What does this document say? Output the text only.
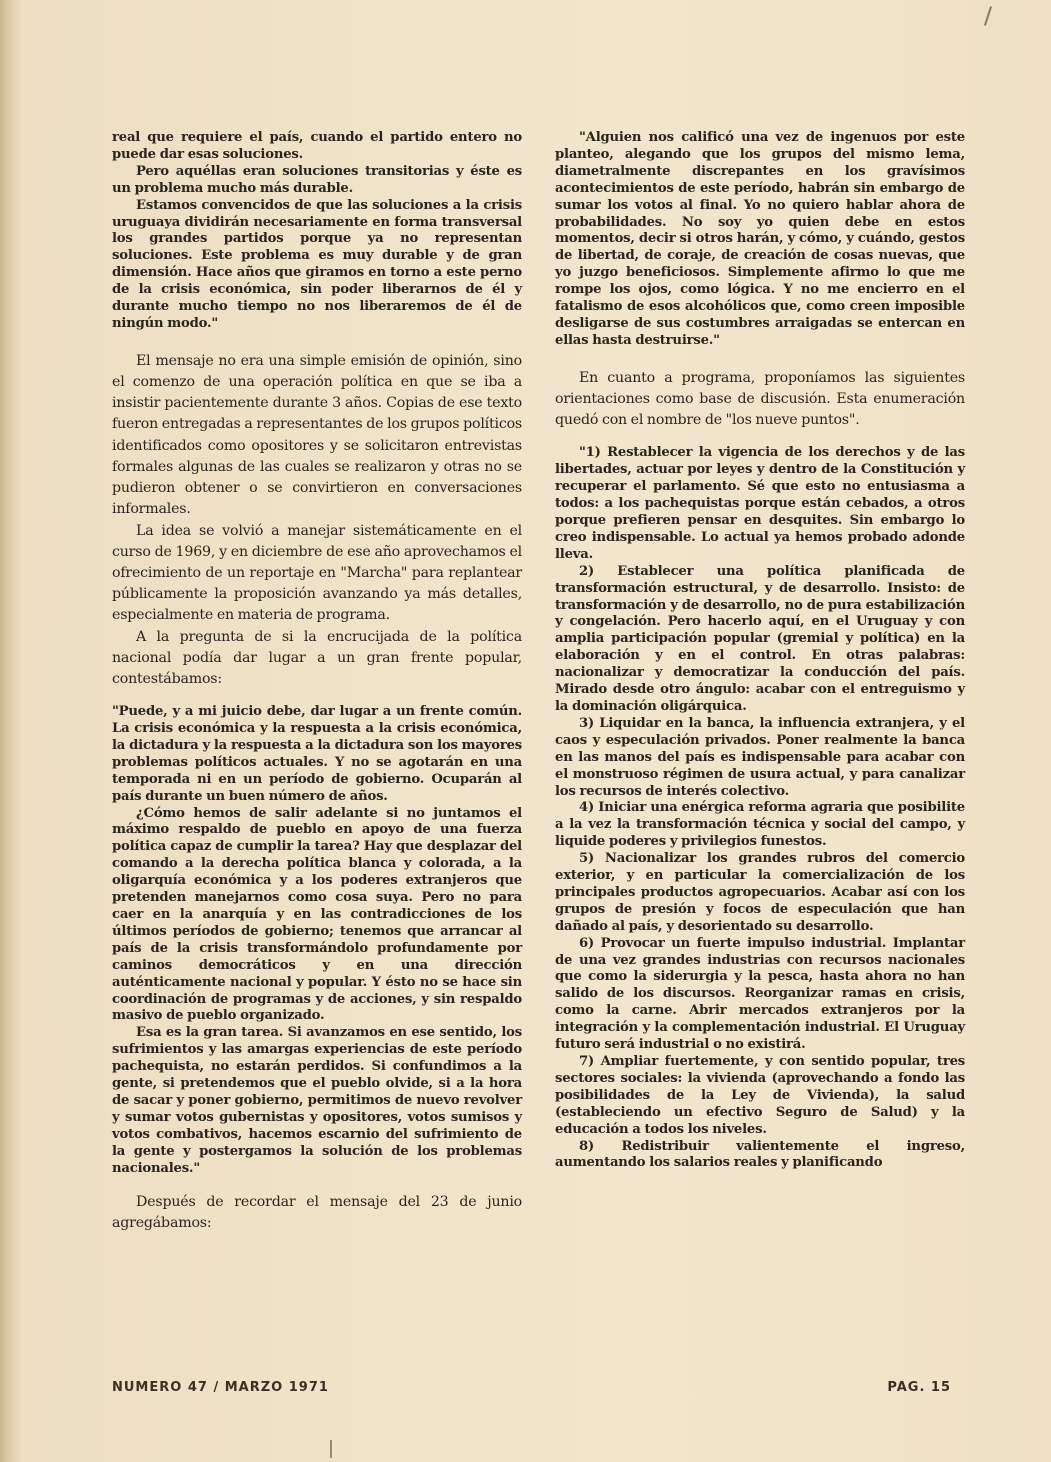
real que requiere el país, cuando el partido entero no puede dar esas soluciones.

Pero aquéllas eran soluciones transitorias y éste es un problema mucho más durable.

Estamos convencidos de que las soluciones a la crisis uruguaya dividirán necesariamente en forma transversal los grandes partidos porque ya no representan soluciones. Este problema es muy durable y de gran dimensión. Hace años que giramos en torno a este perno de la crisis económica, sin poder liberarnos de él y durante mucho tiempo no nos liberaremos de él de ningún modo."

El mensaje no era una simple emisión de opinión, sino el comenzo de una operación política en que se iba a insistir pacientemente durante 3 años. Copias de ese texto fueron entregadas a representantes de los grupos políticos identificados como opositores y se solicitaron entrevistas formales algunas de las cuales se realizaron y otras no se pudieron obtener o se convirtieron en conversaciones informales.

La idea se volvió a manejar sistemáticamente en el curso de 1969, y en diciembre de ese año aprovechamos el ofrecimiento de un reportaje en "Marcha" para replantear públicamente la proposición avanzando ya más detalles, especialmente en materia de programa.

A la pregunta de si la encrucijada de la política nacional podía dar lugar a un gran frente popular, contestábamos:

"Puede, y a mi juicio debe, dar lugar a un frente común. La crisis económica y la respuesta a la crisis económica, la dictadura y la respuesta a la dictadura son los mayores problemas políticos actuales. Y no se agotarán en una temporada ni en un período de gobierno. Ocuparán al país durante un buen número de años.

¿Cómo hemos de salir adelante si no juntamos el máximo respaldo de pueblo en apoyo de una fuerza política capaz de cumplir la tarea? Hay que desplazar del comando a la derecha política blanca y colorada, a la oligarquía económica y a los poderes extranjeros que pretenden manejarnos como cosa suya. Pero no para caer en la anarquía y en las contradicciones de los últimos períodos de gobierno; tenemos que arrancar al país de la crisis transformándolo profundamente por caminos democráticos y en una dirección auténticamente nacional y popular. Y ésto no se hace sin coordinación de programas y de acciones, y sin respaldo masivo de pueblo organizado.

Esa es la gran tarea. Si avanzamos en ese sentido, los sufrimientos y las amargas experiencias de este período pachequista, no estarán perdidos. Si confundimos a la gente, si pretendemos que el pueblo olvide, si a la hora de sacar y poner gobierno, permitimos de nuevo revolver y sumar votos gubernistas y opositores, votos sumisos y votos combativos, hacemos escarnio del sufrimiento de la gente y postergamos la solución de los problemas nacionales."

Después de recordar el mensaje del 23 de junio agregábamos:

"Alguien nos calificó una vez de ingenuos por este planteo, alegando que los grupos del mismo lema, diametralmente discrepantes en los gravísimos acontecimientos de este período, habrán sin embargo de sumar los votos al final. Yo no quiero hablar ahora de probabilidades. No soy yo quien debe en estos momentos, decir si otros harán, y cómo, y cuándo, gestos de libertad, de coraje, de creación de cosas nuevas, que yo juzgo beneficiosos. Simplemente afirmo lo que me rompe los ojos, como lógica. Y no me encierro en el fatalismo de esos alcohólicos que, como creen imposible desligarse de sus costumbres arraigadas se entercan en ellas hasta destruirse."

En cuanto a programa, proponíamos las siguientes orientaciones como base de discusión. Esta enumeración quedó con el nombre de "los nueve puntos".

"1) Restablecer la vigencia de los derechos y de las libertades, actuar por leyes y dentro de la Constitución y recuperar el parlamento. Sé que esto no entusiasma a todos: a los pachequistas porque están cebados, a otros porque prefieren pensar en desquites. Sin embargo lo creo indispensable. Lo actual ya hemos probado adonde lleva.

2) Establecer una política planificada de transformación estructural, y de desarrollo. Insisto: de transformación y de desarrollo, no de pura estabilización y congelación. Pero hacerlo aquí, en el Uruguay y con amplia participación popular (gremial y política) en la elaboración y en el control. En otras palabras: nacionalizar y democratizar la conducción del país. Mirado desde otro ángulo: acabar con el entreguismo y la dominación oligárquica.

3) Liquidar en la banca, la influencia extranjera, y el caos y especulación privados. Poner realmente la banca en las manos del país es indispensable para acabar con el monstruoso régimen de usura actual, y para canalizar los recursos de interés colectivo.

4) Iniciar una enérgica reforma agraria que posibilite a la vez la transformación técnica y social del campo, y liquide poderes y privilegios funestos.

5) Nacionalizar los grandes rubros del comercio exterior, y en particular la comercialización de los principales productos agropecuarios. Acabar así con los grupos de presión y focos de especulación que han dañado al país, y desorientado su desarrollo.

6) Provocar un fuerte impulso industrial. Implantar de una vez grandes industrias con recursos nacionales que como la siderurgia y la pesca, hasta ahora no han salido de los discursos. Reorganizar ramas en crisis, como la carne. Abrir mercados extranjeros por la integración y la complementación industrial. El Uruguay futuro será industrial o no existirá.

7) Ampliar fuertemente, y con sentido popular, tres sectores sociales: la vivienda (aprovechando a fondo las posibilidades de la Ley de Vivienda), la salud (estableciendo un efectivo Seguro de Salud) y la educación a todos los niveles.

8) Redistribuir valientemente el ingreso, aumentando los salarios reales y planificando

NUMERO 47 / MARZO 1971	PAG. 15
